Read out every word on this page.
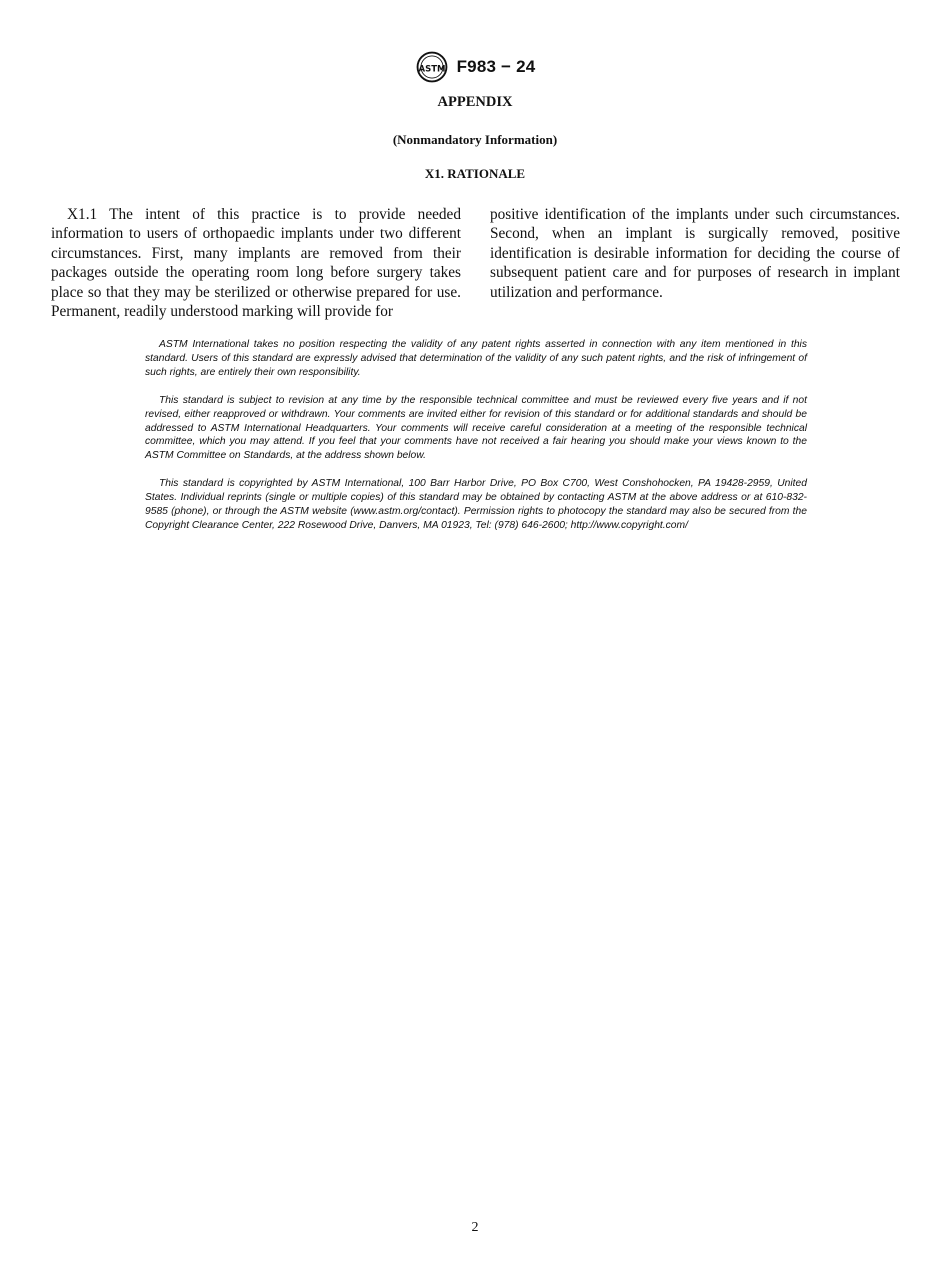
ASTM F983 − 24
APPENDIX
(Nonmandatory Information)
X1. RATIONALE
X1.1 The intent of this practice is to provide needed information to users of orthopaedic implants under two different circumstances. First, many implants are removed from their packages outside the operating room long before surgery takes place so that they may be sterilized or otherwise prepared for use. Permanent, readily understood marking will provide for
positive identification of the implants under such circumstances. Second, when an implant is surgically removed, positive identification is desirable information for deciding the course of subsequent patient care and for purposes of research in implant utilization and performance.

ASTM International takes no position respecting the validity of any patent rights asserted in connection with any item mentioned in this standard. Users of this standard are expressly advised that determination of the validity of any such patent rights, and the risk of infringement of such rights, are entirely their own responsibility.

This standard is subject to revision at any time by the responsible technical committee and must be reviewed every five years and if not revised, either reapproved or withdrawn. Your comments are invited either for revision of this standard or for additional standards and should be addressed to ASTM International Headquarters. Your comments will receive careful consideration at a meeting of the responsible technical committee, which you may attend. If you feel that your comments have not received a fair hearing you should make your views known to the ASTM Committee on Standards, at the address shown below.

This standard is copyrighted by ASTM International, 100 Barr Harbor Drive, PO Box C700, West Conshohocken, PA 19428-2959, United States. Individual reprints (single or multiple copies) of this standard may be obtained by contacting ASTM at the above address or at 610-832-9585 (phone), or through the ASTM website (www.astm.org/contact). Permission rights to photocopy the standard may also be secured from the Copyright Clearance Center, 222 Rosewood Drive, Danvers, MA 01923, Tel: (978) 646-2600; http://www.copyright.com/

2
